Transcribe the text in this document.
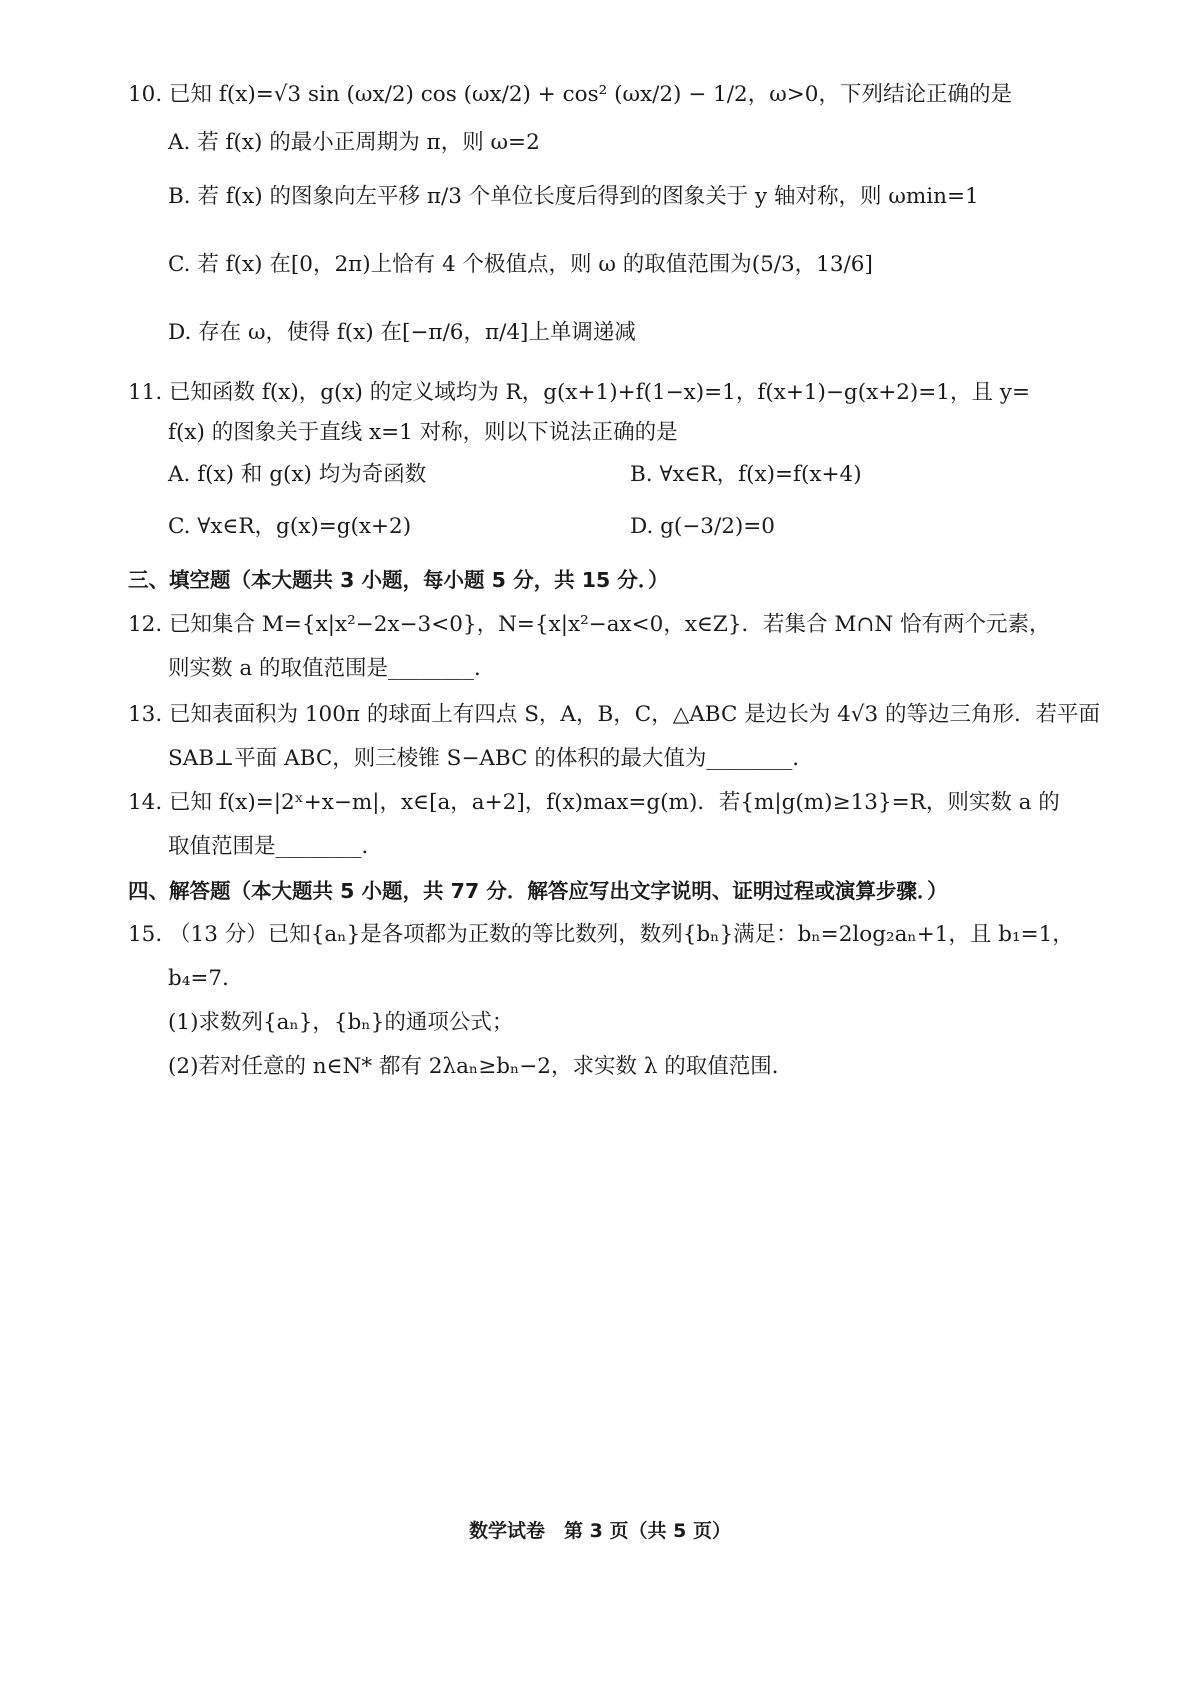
10. 已知 f(x)=√3 sin (ωx/2) cos (ωx/2) + cos² (ωx/2) − 1/2，ω>0，下列结论正确的是
A. 若 f(x) 的最小正周期为 π，则 ω=2
B. 若 f(x) 的图象向左平移 π/3 个单位长度后得到的图象关于 y 轴对称，则 ωmin=1
C. 若 f(x) 在[0，2π)上恰有 4 个极值点，则 ω 的取值范围为(5/3，13/6]
D. 存在 ω，使得 f(x) 在[−π/6，π/4]上单调递减
11. 已知函数 f(x)，g(x) 的定义域均为 R，g(x+1)+f(1−x)=1，f(x+1)−g(x+2)=1，且 y=
f(x) 的图象关于直线 x=1 对称，则以下说法正确的是
A. f(x) 和 g(x) 均为奇函数	B. ∀x∈R，f(x)=f(x+4)
C. ∀x∈R，g(x)=g(x+2)	D. g(−3/2)=0
三、填空题（本大题共 3 小题，每小题 5 分，共 15 分．）
12. 已知集合 M={x|x²−2x−3<0}，N={x|x²−ax<0，x∈Z}．若集合 M∩N 恰有两个元素，
则实数 a 的取值范围是________．
13. 已知表面积为 100π 的球面上有四点 S，A，B，C，△ABC 是边长为 4√3 的等边三角形．若平面
SAB⊥平面 ABC，则三棱锥 S−ABC 的体积的最大值为________．
14. 已知 f(x)=|2ˣ+x−m|，x∈[a，a+2]，f(x)max=g(m)．若{m|g(m)≥13}=R，则实数 a 的
取值范围是________．
四、解答题（本大题共 5 小题，共 77 分．解答应写出文字说明、证明过程或演算步骤．）
15. （13 分）已知{aₙ}是各项都为正数的等比数列，数列{bₙ}满足：bₙ=2log₂aₙ+1，且 b₁=1，
b₄=7．
(1)求数列{aₙ}，{bₙ}的通项公式；
(2)若对任意的 n∈N* 都有 2λaₙ≥bₙ−2，求实数 λ 的取值范围．
数学试卷　第 3 页（共 5 页）
